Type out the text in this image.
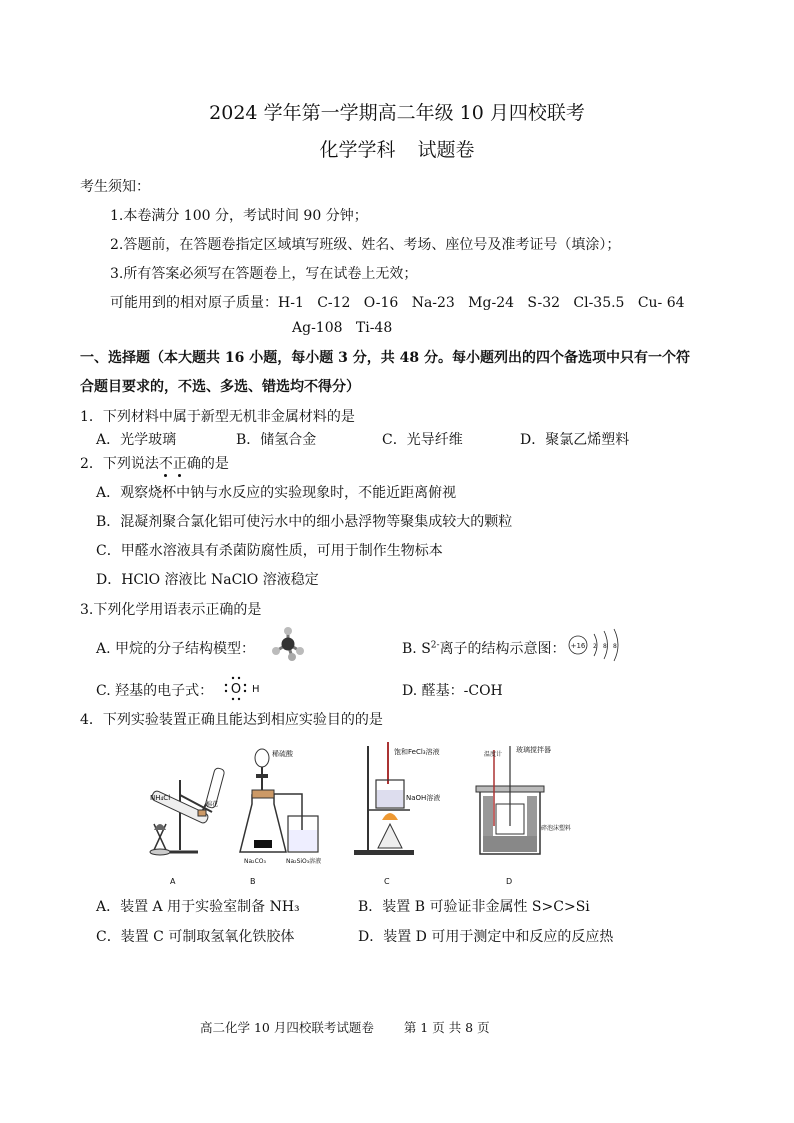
2024 学年第一学期高二年级 10 月四校联考
化学学科 试题卷
考生须知：
1.本卷满分 100 分，考试时间 90 分钟；
2.答题前，在答题卷指定区域填写班级、姓名、考场、座位号及准考证号（填涂）；
3.所有答案必须写在答题卷上，写在试卷上无效；
可能用到的相对原子质量：H-1   C-12   O-16   Na-23   Mg-24   S-32   Cl-35.5   Cu- 64
Ag-108   Ti-48
一、选择题（本大题共 16 小题，每小题 3 分，共 48 分。每小题列出的四个备选项中只有一个符
合题目要求的，不选、多选、错选均不得分）
1．下列材料中属于新型无机非金属材料的是
A．光学玻璃	B．储氢合金	C．光导纤维	D．聚氯乙烯塑料
2．下列说法不正确的是
A．观察烧杯中钠与水反应的实验现象时，不能近距离俯视
B．混凝剂聚合氯化铝可使污水中的细小悬浮物等聚集成较大的颗粒
C．甲醛水溶液具有杀菌防腐性质，可用于制作生物标本
D．HClO 溶液比 NaClO 溶液稳定
3.下列化学用语表示正确的是
A. 甲烷的分子结构模型：	B. $S^{2-}$离子的结构示意图： +16 2 8 8
C. 羟基的电子式： O H	D. 醛基：-COH
4．下列实验装置正确且能达到相应实验目的的是
NH₄Cl
棉花
A
稀硫酸
Na₂CO₃	Na₂SiO₃溶液
B
饱和FeCl₃溶液
NaOH溶液
C
温度计
玻璃搅拌器
碎泡沫塑料
D
A．装置 A 用于实验室制备 NH₃	B．装置 B 可验证非金属性 S>C>Si
C．装置 C 可制取氢氧化铁胶体	D．装置 D 可用于测定中和反应的反应热
高二化学 10 月四校联考试题卷 第 1 页 共 8 页
